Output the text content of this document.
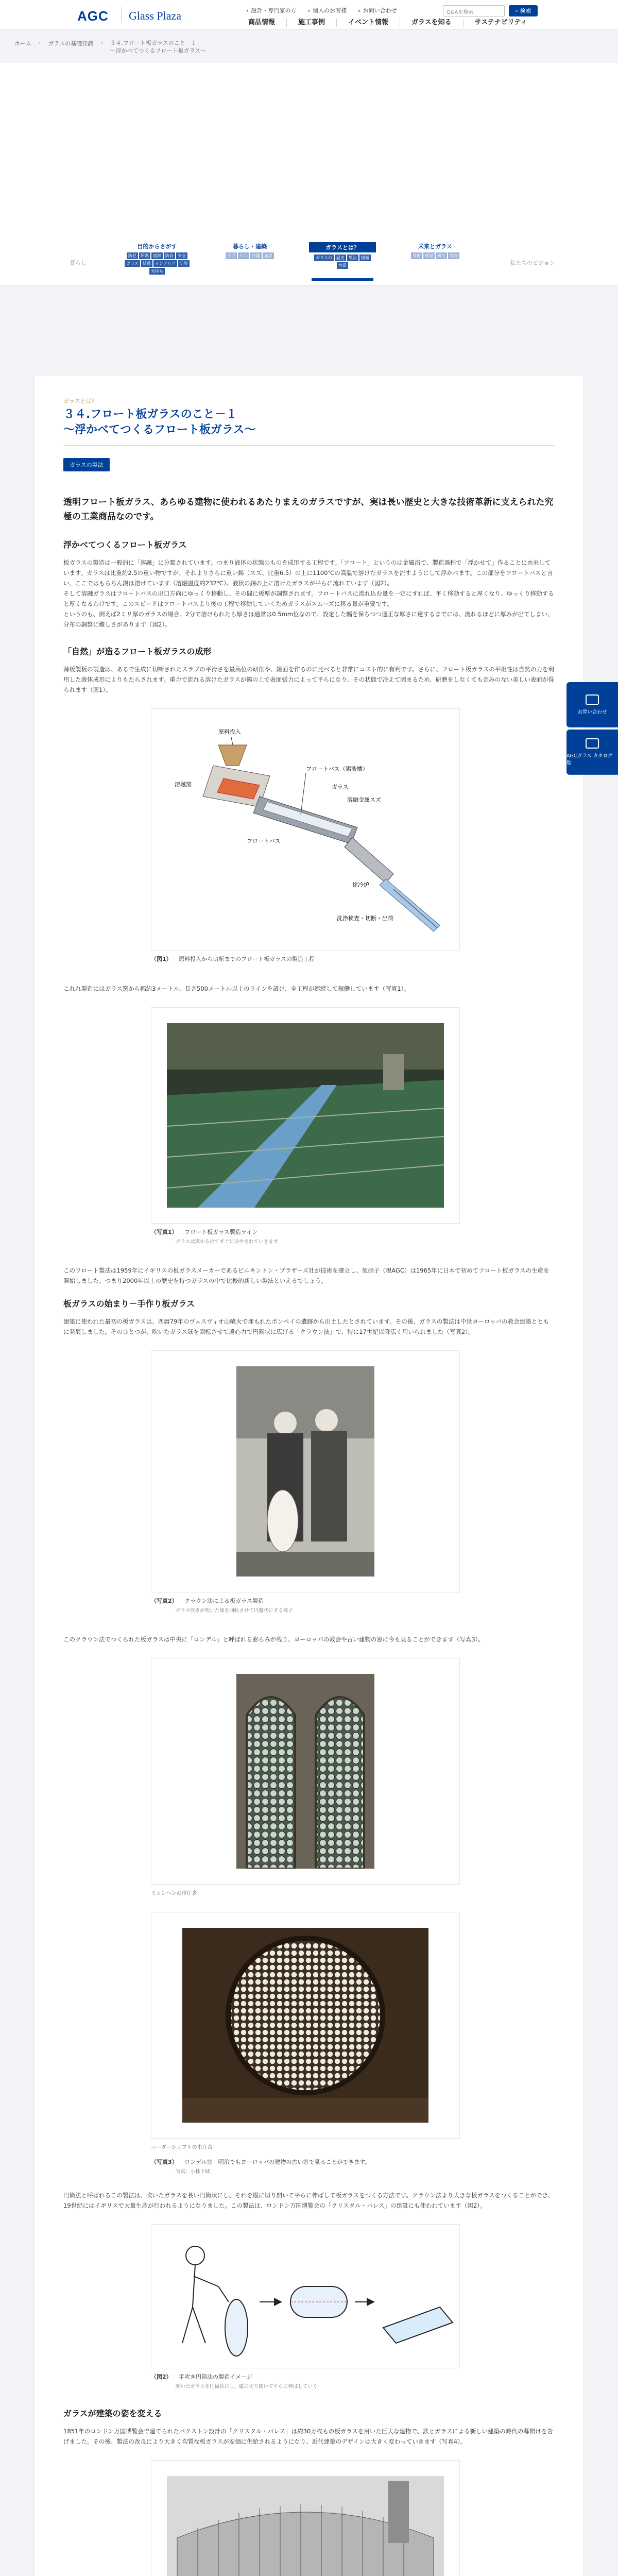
AGC Glass Plaza	› 設計・専門家の方	› 個人のお客様	› お問い合わせ	Q&Aを検索	⌕ 検索
商品情報	施工事例	イベント情報	ガラスを知る	サステナビリティ
ホーム › ガラスの基礎知識 › ３４.フロート板ガラスのこと－１
～浮かべてつくるフロート板ガラス～
暮らし
目的からさがす
防犯	断熱	遮熱	防音	安全
ガラス	結露	インテリア	防災
気持ち
暮らし・建築
住宅	ビル	店舗	施設
ガラスとは？
ガラスの	歴史	製法	種類
性質
未来とガラス
技術	環境	研究	開発
私たちのビジョン
ガラスとは？
３４.フロート板ガラスのこと－１
～浮かべてつくるフロート板ガラス～
ガラスの製法
透明フロート板ガラス、あらゆる建物に使われるあたりまえのガラスですが、実は長い歴史と大きな技術革新に支えられた究極の工業商品なのです。
浮かべてつくるフロート板ガラス

板ガラスの製造は一般的に「溶融」に分類されています。つまり液体の状態のものを成形する工程です。「フロート」というのは金属浴で、製造過程で「浮かせて」作ることに由来しています。ガラスは比重約2.5の重い物ですが、それよりさらに重い錫（スズ、比重6.5）の上に1100℃の高温で溶けたガラスを流すようにして浮かべます。この部分をフロートバスと言い、ここではもちろん錫は溶けています（溶融温度約232℃）。液状の錫の上に溶けたガラスが平らに流れています（図2）。

そして溶融ガラスはフロートバスの出口方向にゆっくり移動し、その間に板厚が調整されます。フロートバスに流れ込む量を一定にすれば、平く移動すると厚くなり、ゆっくり移動すると厚くなるわけです。このスピードはフロートバスより後の工程で移動していくためガラスがスムーズに移る量が重要です。

というのも、例えば2ミリ厚のガラスの場合、2分で溶けられたら厚さは通常は0.5mm位なので、設定した幅を保ちつつ適正な厚さに達するまでには、流れるほどに厚みが出てしまい、分布の調整に難しさがあります（図2）。

「自然」が造るフロート板ガラスの成形

薄板製板の製造は、あるで生成に切断されたスラブの平滑さを最高位の研削や、鏡面を作るのに比べると非常にコスト的に有利です。さらに、フロート板ガラスの平坦性は自然の力を利用した液体成形によりもたらされます。重力で流れる溶けたガラスが錫の上で表面張力によって平らになり、その状態で冷えて固まるため、研磨をしなくても歪みのない美しい表面が得られます（図1）。

原料投入
溶融窯
フロートバス（錫液槽）
ガラス
溶融金属スズ
フロートバス
徐冷炉
洗浄検査・切断・出荷
（図1） 原料投入から切断までのフロート板ガラスの製造工程

これれ製造にはガラス窯から幅約3メートル、長さ500メートル以上のラインを設け、全工程が連続して稼働しています（写真1）。

（写真1） フロート板ガラス製造ライン
ガラスは窯から出てすぐに冷やされていきます

このフロート製法は1959年にイギリスの板ガラスメーカーであるピルキントン・ブラザーズ社が技術を確立し、旭硝子（現AGC）は1965年に日本で初めてフロート板ガラスの生産を開始しました。つまり2000年以上の歴史を持つガラスの中で比較的新しい製法といえるでしょう。

板ガラスの始まり－手作り板ガラス

建築に使われた最初の板ガラスは、西暦79年のヴェスヴィオ山噴火で埋もれたポンペイの遺跡から出土したとされています。その後、ガラスの製法は中世ヨーロッパの教会建築とともに発展しました。そのひとつが、吹いたガラス球を回転させて遠心力で円盤状に広げる「クラウン法」で、特に17世紀以降広く用いられました（写真2）。

（写真2） クラウン法による板ガラス製造
ガラス吹きが吹いた球を回転させて円盤状にする様子

このクラウン法でつくられた板ガラスは中央に「ロンデル」と呼ばれる膨らみが残り、ヨーロッパの教会や古い建物の窓に今も見ることができます（写真3）。

ミュンヘンの市庁舎
ニーダーシェフトの市庁舎
（写真3） ロンデル窓　明治でもヨーロッパの建物の古い窓で見ることができます。
写真：小林下城

円筒法と呼ばれるこの製法は、吹いたガラスを長い円筒状にし、それを縦に切り開いて平らに伸ばして板ガラスをつくる方法です。クラウン法より大きな板ガラスをつくることができ、19世紀にはイギリスで大量生産が行われるようになりました。この製法は、ロンドン万国博覧会の「クリスタル・パレス」の建設にも使われています（図2）。

（図2） 手吹き円筒法の製造イメージ
吹いたガラスを円筒状にし、縦に切り開いて平らに伸ばしていく
ガラスが建築の姿を変える

1851年のロンドン万国博覧会で建てられたパクストン設計の「クリスタル・パレス」は約30万枚もの板ガラスを用いた巨大な建物で、鉄とガラスによる新しい建築の時代の幕開けを告げました。その後、製法の改良により大きく均質な板ガラスが安価に供給されるようになり、近代建築のデザインは大きく変わっていきます（写真4）。

お問い合わせ
AGCガラス カタログ一覧
